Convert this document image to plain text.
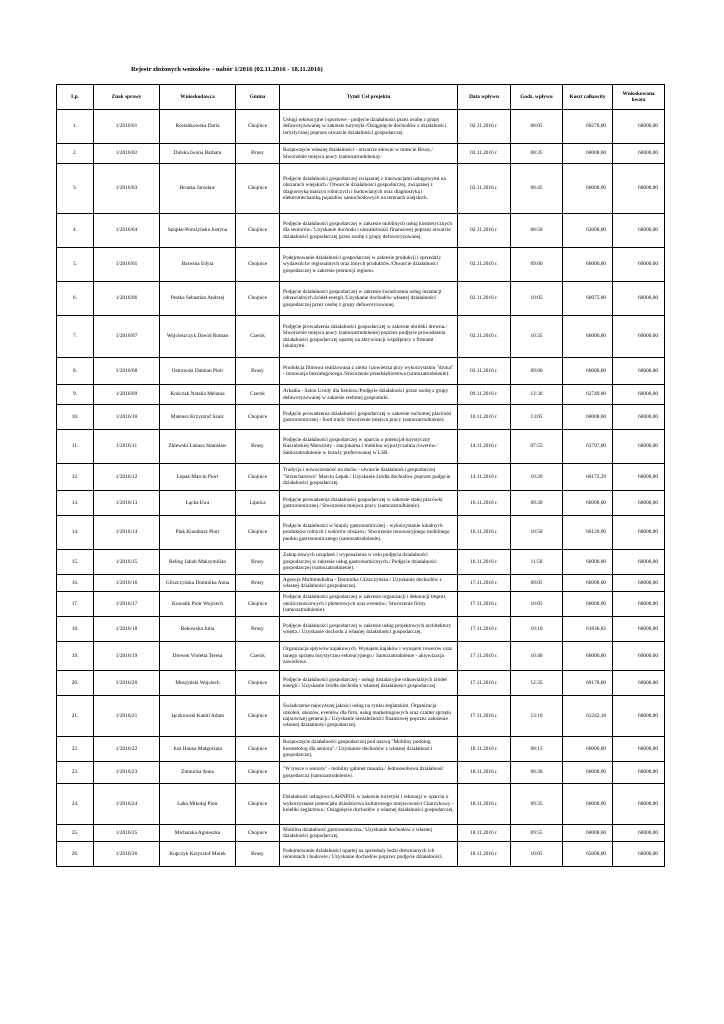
Rejestr złożonych wniosków - nabór 1/2016 (02.11.2016 - 18.11.2016)
Lp.	Znak sprawy	Wnioskodawca	Gmina	Tytuł/ Cel projektu	Data wpływu	Godz. wpływu	Koszt całkowity	Wnioskowana kwota
1.	1/2016/01	Rostankowska Daria	Chojnice	Usługi rekreacyjne i sportowe - podjęcie działalności przez osobę z grupy defaworyzowanej w zakresie turystyki./Osiągnięcie dochodów z działalności turystycznej poprzez otwarcie działalności gospodarczej.	02.11.2016 r.	08:05	60270,00	60000,00
2.	1/2016/02	Dulska Iwona Barbara	Brusy	Rozpoczęcie własnej działalności - otwarcie siłowni w mieście Brusy./ Stworzenie miejsca pracy (samozatrudnienia).	02.11.2016 r.	08:35	60000,00	60000,00
3.	1/2016/03	Brunka Jarosław	Chojnice	Podjęcie działalności gospodarczej związanej z innowacjami usługowymi na obszarach wiejskich./ Otwarcie działalności gospodarczej, związanej z diagnostyką maszyn rolniczych i budowlanych oraz diagnostyką i elektromechaniką pojazdów samochodowych na terenach wiejskich.	02.11.2016 r.	08:45	60000,00	60000,00
4.	1/2016/04	Szupke-Porożyńska Justyna	Chojnice	Podjęcie działalności gospodarczej w zakresie mobilnych usług kosmetycznych dla seniorów./ Uzyskanie dochodu i niezależności finansowej poprzez otwarcie działalności gospodarczej przez osobę z grupy defaworyzowanej.	02.11.2016 r.	08:50	62000,00	60000,00
5.	1/2016/05	Barwina Edyta	Chojnice	Podejmowanie działalności gospodarczej w zakresie produkcji i sprzedaży wydawnictw regionalnych oraz innych produktów./Otwarcie działalności gospodarczej w zakresie promocji regionu.	02.11.2016 r.	09:00	60000,00	60000,00
6.	1/2016/06	Pestka Sebastian Andrzej	Chojnice	Podjęcie działalności gospodarczej w zakresie świadczenia usług instalacji odnawialnych źródeł energii./Uzyskanie dochodów własnej działalności gospodarczej przez osobę z grupy defaworyzowanej.	02.11.2016 r.	10:05	60075,00	60000,00
7.	1/2016/07	Wojcieszczyk Dawid Roman	Czersk	Podjęcie prowadzenia działalności gospodarczej w zakresie obróbki drewna./ Stworzenie miejsca pracy (samozatrudnienie) poprzez podjęcie prowadzenia działalności gospodarczej opartej na aktywizacji współpracy z firmami lokalnymi.	02.11.2016 r.	10:35	66000,00	60000,00
8.	1/2016/08	Ostrowski Damian Piotr	Brusy	Produkcja filmowa realizowana z ziemi i powietrza przy wykorzystaniu "drona" - innowacja bezzałogowego./Stworzenie przedsiębiorstwa (samozatrudnienie).	03.11.2016 r.	09:00	60000,00	60000,00
9.	1/2016/09	Kończak Natalia Melania	Czersk	Arkadia - Salon Urody dla Seniora./Podjęcie działalności przez osobę z grupy defaworyzowanej w zakresie srebrnej gospodarki.	09.11.2016 r.	12:30	62749,00	60000,00
10.	1/2016/10	Mateusz Krzysztof Szulc	Chojnice	Podjęcie prowadzenia działalności gospodarczej w zakresie ruchomej placówki gastronomicznej - food track/ Stworzenie miejsca pracy (samozatrudnienie).	10.11.2016 r.	13:05	60000,00	60000,00
11.	1/2016/11	Zblewski Łukasz Stanisław	Brusy	Podjęcie działalności gospodarczej w oparciu o potencjał turystyczny Kaszubskiej Marszruty - stacjonarna i mobilna wypożyczalnia rowerów./ Samozatrudnienie w branży preferowanej w LSR.	14.11.2016 r.	07:55	63797,00	60000,00
12.	1/2016/12	Lepak Marcin Piort	Chojnice	Tradycja i nowoczesność na dachu - otwarcie działalności gospodarczej "Strzecharstwo" Marcin Lepak./ Uzyskanie źródła dochodów poprzez podjęcie działalności gospodarczej.	14.11.2016 r.	10:20	60172,29	60000,00
13.	1/2016/13	Łącka Ewa	Lipnica	Podjęcie prowadzenia działalności gospodarczej w zakresie stałej placówki gastronomicznej./ Stworzenie miejsca pracy (samozatrudnienie).	16.11.2016 r.	09:30	60000,00	60000,00
14.	1/2016/14	Plak Klaudiusz Piotr	Chojnice	Podjęcie działalności w branży gastronomicznej - wykorzystanie lokalnych produktów rolnych i walorów obszaru./ Stworzenie innowacyjnego mobilnego punktu gastronomicznego (samozatrudnienie).	16.11.2016 r.	10:50	60120,00	60000,00
15.	1/2016/15	Beling Jakub Maksymilian	Brusy	Zakup nowych urządzeń i wyposażenia w celu podjęcia działalności gospodarczej w zakresie usług gastronomicznych./ Podjęcie działalności gospodarczej (samozatrudnienie).	16.11.2016 r.	11:50	60000,00	60000,00
16.	1/2016/16	Gliszczyńska Dominika Anna	Brusy	Agencja Multimedialna - Dominika Gliszczyńska./ Uzyskanie dochodów z własnej działalności gospodarczej.	17.11.2016 r.	09:05	60000,00	60000,00
17.	1/2016/17	Kowalik Piotr Wojciech	Chojnice	Podjęcie działalności gospodarczej w zakresie organizacji i dekoracji imprez okolicznościowych i plenerowych oraz eventów./ Stworzenie firmy (samozatrudnienie).	17.11.2016 r.	10:05	60000,00	60000,00
18.	1/2016/18	Rekowska Julia	Brusy	Podjęcie działalności gospodarczej w zakresie usług projektowych architektury wnętrz./ Uzyskanie dochodu z własnej działalności gospodarczej.	17.11.2016 r.	10:10	61836,02	60000,00
19.	1/2016/19	Drewek Violetta Teresa	Czersk	Organizacja spływów kajakowych. Wynajem kajaków i wynajem rowerów oraz innego sprzętu turystyczno-rekreacyjnego./ Samozatrudnienie - aktywizacja zawodowa.	17.11.2016 r.	10:40	60000,00	60000,00
20.	1/2016/20	Muszyński Wojciech	Chojnice	Podjęcie działalności gospodarczej - usługi instalacyjne odnawialnych źródeł energii./ Uzyskanie źródła dochodu z własnej działalności gospodarczej.	17.11.2016 r.	12:35	60178,00	60000,00
21.	1/2016/21	Jączkowski Kamil Adam	Chojnice	Świadczenie najwyższej jakości usług na rynku żeglarskim. Organizacja szkoleń, obozów, eventów dla firm, usług marketingowych oraz czarter sprzętu najnowszej generacji./ Uzyskanie niezależności finansowej poprzez założenie własnej działalności gospodarczej.	17.11.2016 r.	13:10	61242,18	60000,00
22.	1/2016/22	Just Hanna Małgorzata	Chojnice	Rozpoczęcie działalności gospodarczej pod nazwą "Mobilny podolog kosmetolog dla seniora"./ Uzyskanie dochodów z własnej działalności gospodarczej.	18.11.2016 r.	08:15	60000,00	60000,00
23.	1/2016/23	Zimnicka Anna	Chojnice	"W trosce o seniora" - mobilny gabinet masażu./ Jednoosobowa działalność gospodarcza (samozatrudnienie).	18.11.2016 r.	08:30	60000,00	60000,00
24.	1/2016/24	Lahn Mikołaj Piotr	Chojnice	Działalność usługowa LAHNPOL w zakresie turystyki i rekreacji w oparciu o wykorzystanie potencjału dziedzictwa kulturowego miejscowości Charzykowy - kolebki żeglarstwa./ Osiągnięcie dochodów z własnej działalności gospodarczej.	18.11.2016 r.	09:35	60000,00	60000,00
25.	1/2016/25	Michalska Agnieszka	Chojnice	Mobilna działalność gastronomiczna./ Uzyskanie dochodów z własnej działalności gospodarczej.	18.11.2016 r.	09:55	60000,00	60000,00
26.	1/2016/26	Kupczyk Krzysztof Marek	Brusy	Podejmowanie działalności opartej na sprzedaży łodzi drewnianych ich remontach i budowie./ Uzyskanie dochodów poprzez podjęcie działalności.	18.11.2016 r.	10:05	65000,00	60000,00
